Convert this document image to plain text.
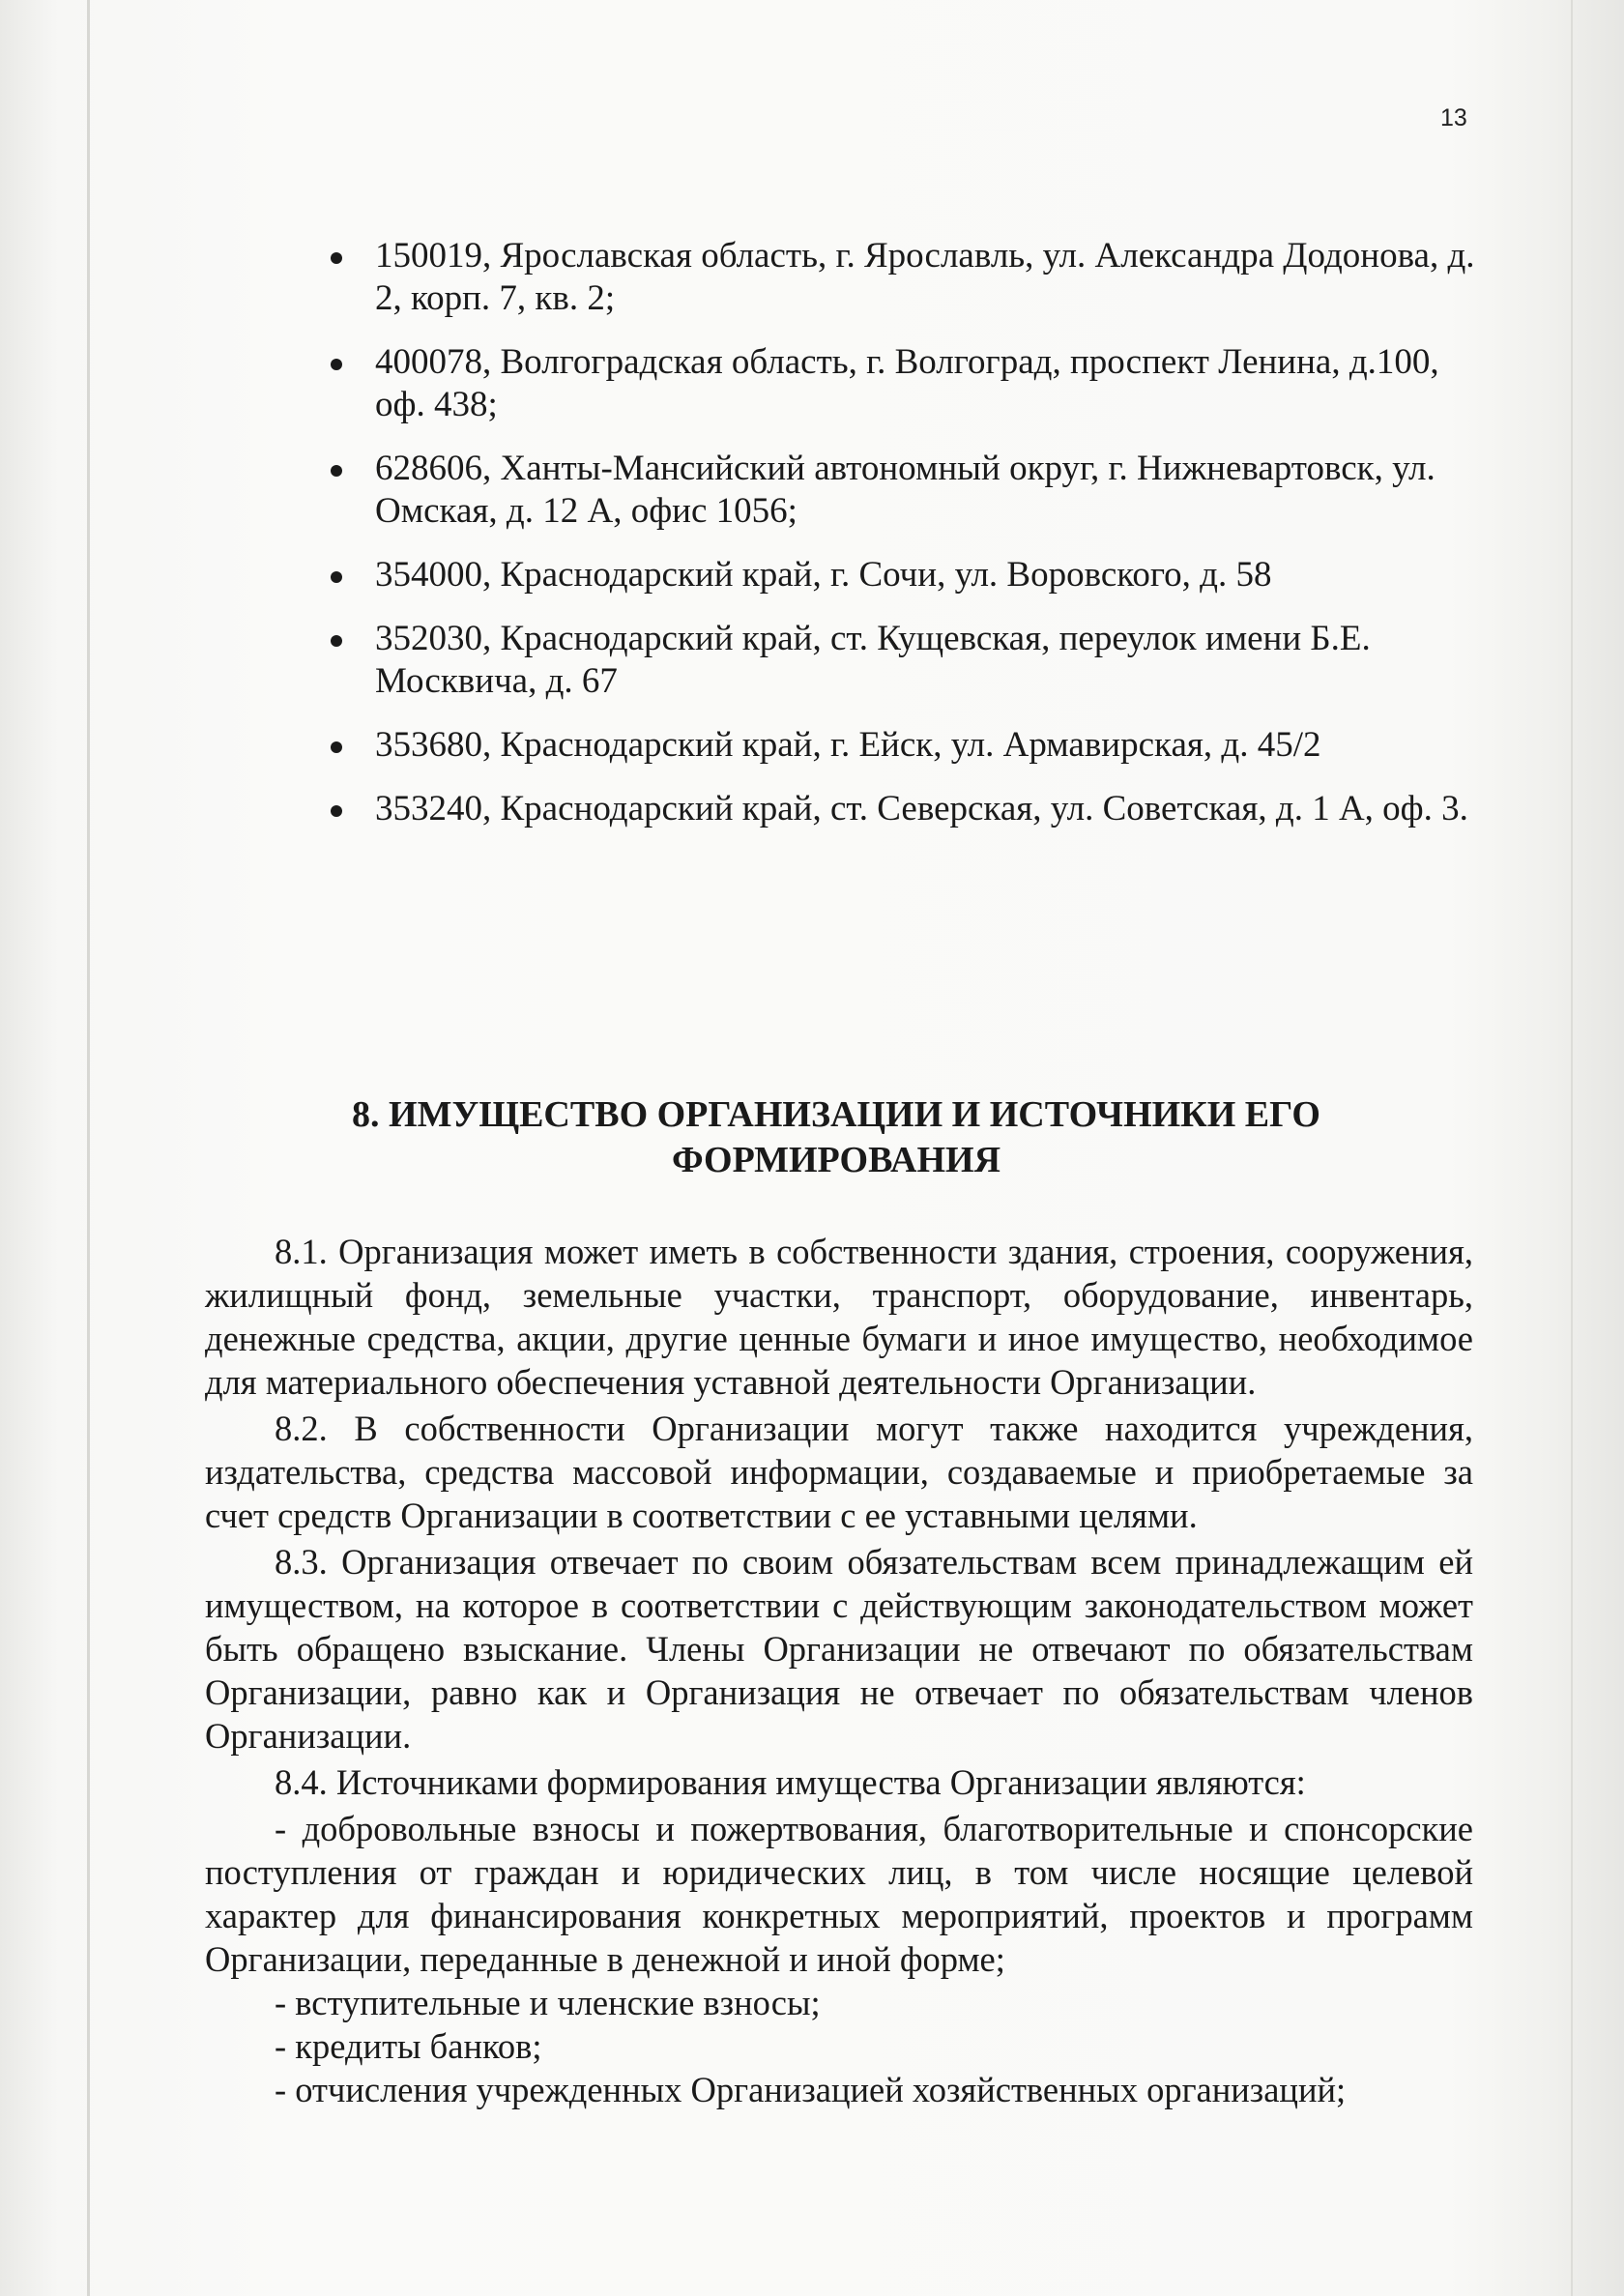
13
150019, Ярославская область, г. Ярославль, ул. Александра Додонова, д. 2, корп. 7, кв. 2;
400078, Волгоградская область, г. Волгоград, проспект Ленина, д.100, оф. 438;
628606, Ханты-Мансийский автономный округ, г. Нижневартовск, ул. Омская, д. 12 А, офис 1056;
354000, Краснодарский край, г. Сочи, ул. Воровского, д. 58
352030, Краснодарский край, ст. Кущевская, переулок имени Б.Е. Москвича, д. 67
353680, Краснодарский край, г. Ейск, ул. Армавирская, д. 45/2
353240, Краснодарский край, ст. Северская, ул. Советская, д. 1 А, оф. 3.
8. ИМУЩЕСТВО ОРГАНИЗАЦИИ И ИСТОЧНИКИ ЕГО
ФОРМИРОВАНИЯ

8.1. Организация может иметь в собственности здания, строения, сооружения, жилищный фонд, земельные участки, транспорт, оборудование, инвентарь, денежные средства, акции, другие ценные бумаги и иное имущество, необходимое для материального обеспечения уставной деятельности Организации.

8.2. В собственности Организации могут также находится учреждения, издательства, средства массовой информации, создаваемые и приобретаемые за счет средств Организации в соответствии с ее уставными целями.

8.3. Организация отвечает по своим обязательствам всем принадлежащим ей имуществом, на которое в соответствии с действующим законодательством может быть обращено взыскание. Члены Организации не отвечают по обязательствам Организации, равно как и Организация не отвечает по обязательствам членов Организации.

8.4. Источниками формирования имущества Организации являются:

- добровольные взносы и пожертвования, благотворительные и спонсорские поступления от граждан и юридических лиц, в том числе носящие целевой характер для финансирования конкретных мероприятий, проектов и программ Организации, переданные в денежной и иной форме;

- вступительные и членские взносы;

- кредиты банков;

- отчисления учрежденных Организацией хозяйственных организаций;
